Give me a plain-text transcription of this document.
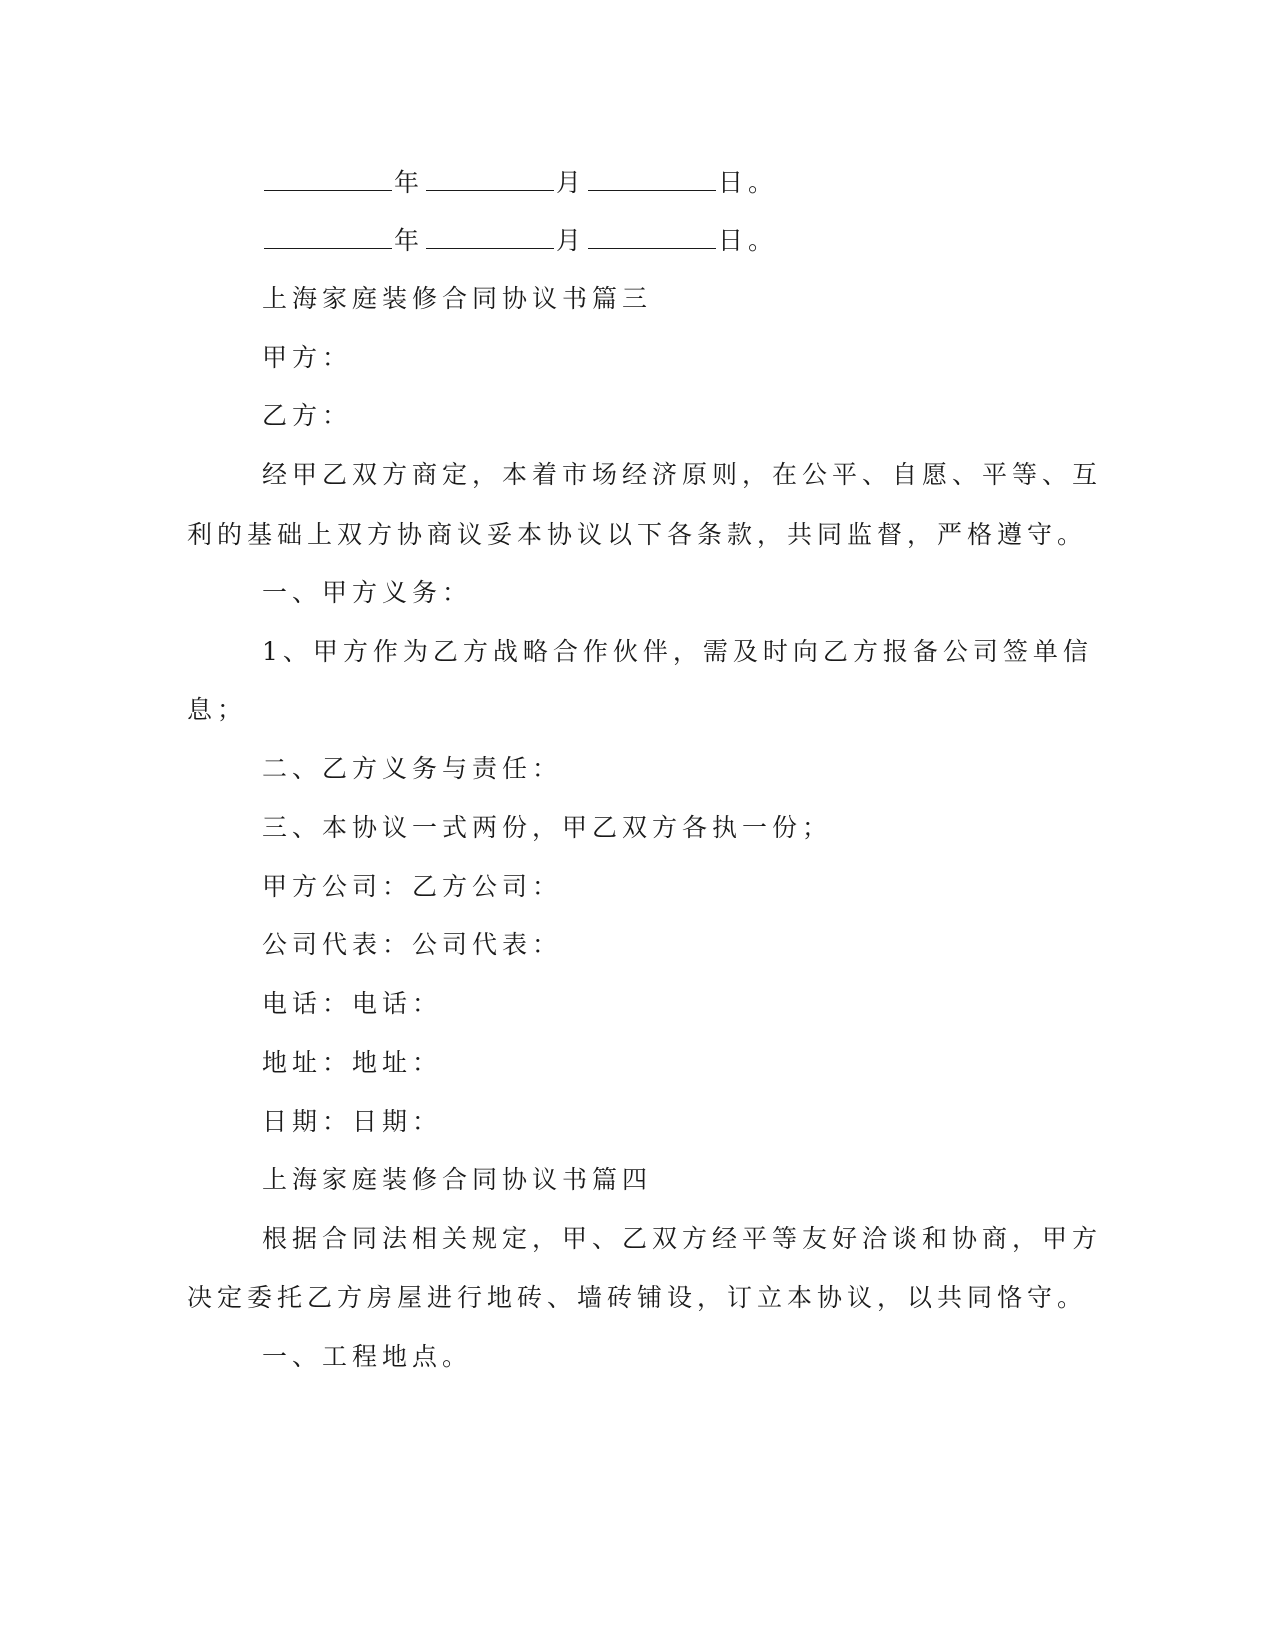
年	月	日。
年	月	日。
上海家庭装修合同协议书篇三
甲方：
乙方：
经甲乙双方商定，本着市场经济原则，在公平、自愿、平等、互
利的基础上双方协商议妥本协议以下各条款，共同监督，严格遵守。
一、甲方义务：
1、甲方作为乙方战略合作伙伴，需及时向乙方报备公司签单信
息；
二、乙方义务与责任：
三、本协议一式两份，甲乙双方各执一份；
甲方公司：乙方公司：
公司代表：公司代表：
电话：电话：
地址：地址：
日期：日期：
上海家庭装修合同协议书篇四
根据合同法相关规定，甲、乙双方经平等友好洽谈和协商，甲方
决定委托乙方房屋进行地砖、墙砖铺设，订立本协议，以共同恪守。
一、工程地点。
